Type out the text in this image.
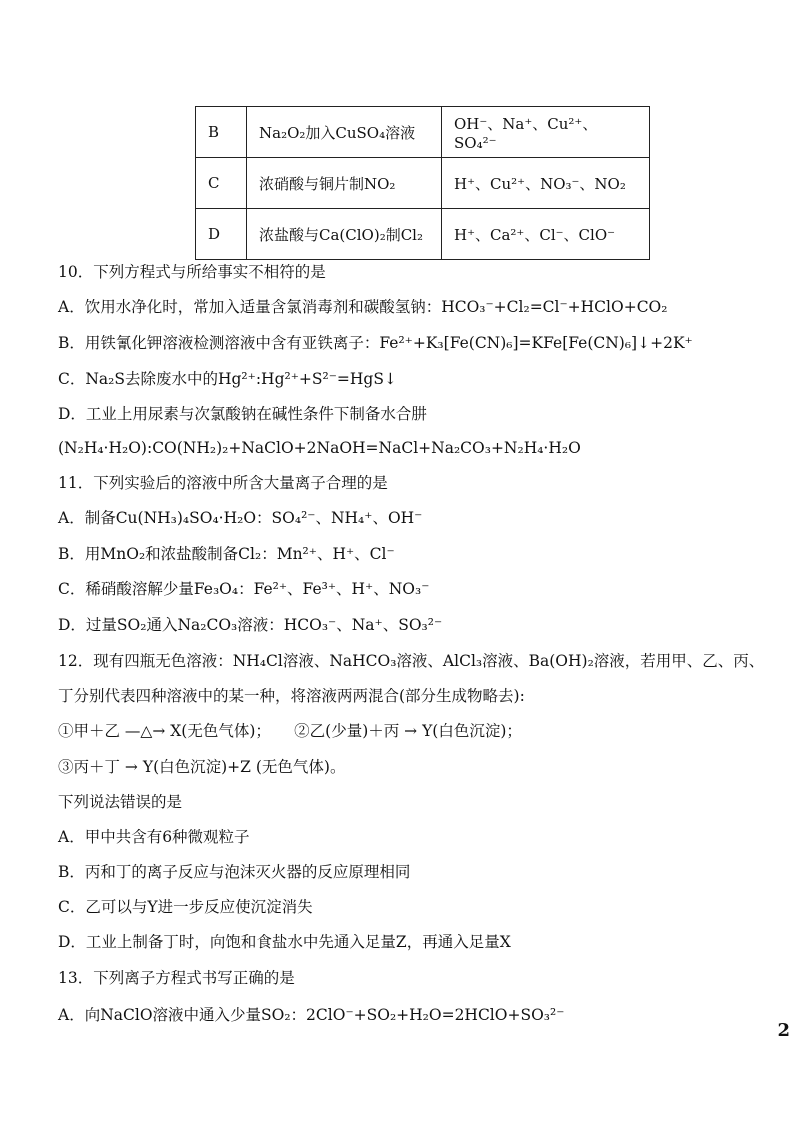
B	Na₂O₂加入CuSO₄溶液	OH⁻、Na⁺、Cu²⁺、SO₄²⁻
C	浓硝酸与铜片制NO₂	H⁺、Cu²⁺、NO₃⁻、NO₂
D	浓盐酸与Ca(ClO)₂制Cl₂	H⁺、Ca²⁺、Cl⁻、ClO⁻
10．下列方程式与所给事实不相符的是
A．饮用水净化时，常加入适量含氯消毒剂和碳酸氢钠：HCO₃⁻+Cl₂=Cl⁻+HClO+CO₂
B．用铁氰化钾溶液检测溶液中含有亚铁离子：Fe²⁺+K₃[Fe(CN)₆]=KFe[Fe(CN)₆]↓+2K⁺
C．Na₂S去除废水中的Hg²⁺:Hg²⁺+S²⁻=HgS↓
D．工业上用尿素与次氯酸钠在碱性条件下制备水合肼
(N₂H₄·H₂O):CO(NH₂)₂+NaClO+2NaOH=NaCl+Na₂CO₃+N₂H₄·H₂O
11．下列实验后的溶液中所含大量离子合理的是
A．制备Cu(NH₃)₄SO₄·H₂O：SO₄²⁻、NH₄⁺、OH⁻
B．用MnO₂和浓盐酸制备Cl₂：Mn²⁺、H⁺、Cl⁻
C．稀硝酸溶解少量Fe₃O₄：Fe²⁺、Fe³⁺、H⁺、NO₃⁻
D．过量SO₂通入Na₂CO₃溶液：HCO₃⁻、Na⁺、SO₃²⁻
12．现有四瓶无色溶液：NH₄Cl溶液、NaHCO₃溶液、AlCl₃溶液、Ba(OH)₂溶液，若用甲、乙、丙、
丁分别代表四种溶液中的某一种，将溶液两两混合(部分生成物略去):
①甲＋乙 —△→ X(无色气体)；　　②乙(少量)＋丙 → Y(白色沉淀)；
③丙＋丁 → Y(白色沉淀)+Z (无色气体)。
下列说法错误的是
A．甲中共含有6种微观粒子
B．丙和丁的离子反应与泡沫灭火器的反应原理相同
C．乙可以与Y进一步反应使沉淀消失
D．工业上制备丁时，向饱和食盐水中先通入足量Z，再通入足量X
13．下列离子方程式书写正确的是
A．向NaClO溶液中通入少量SO₂：2ClO⁻+SO₂+H₂O=2HClO+SO₃²⁻
2
